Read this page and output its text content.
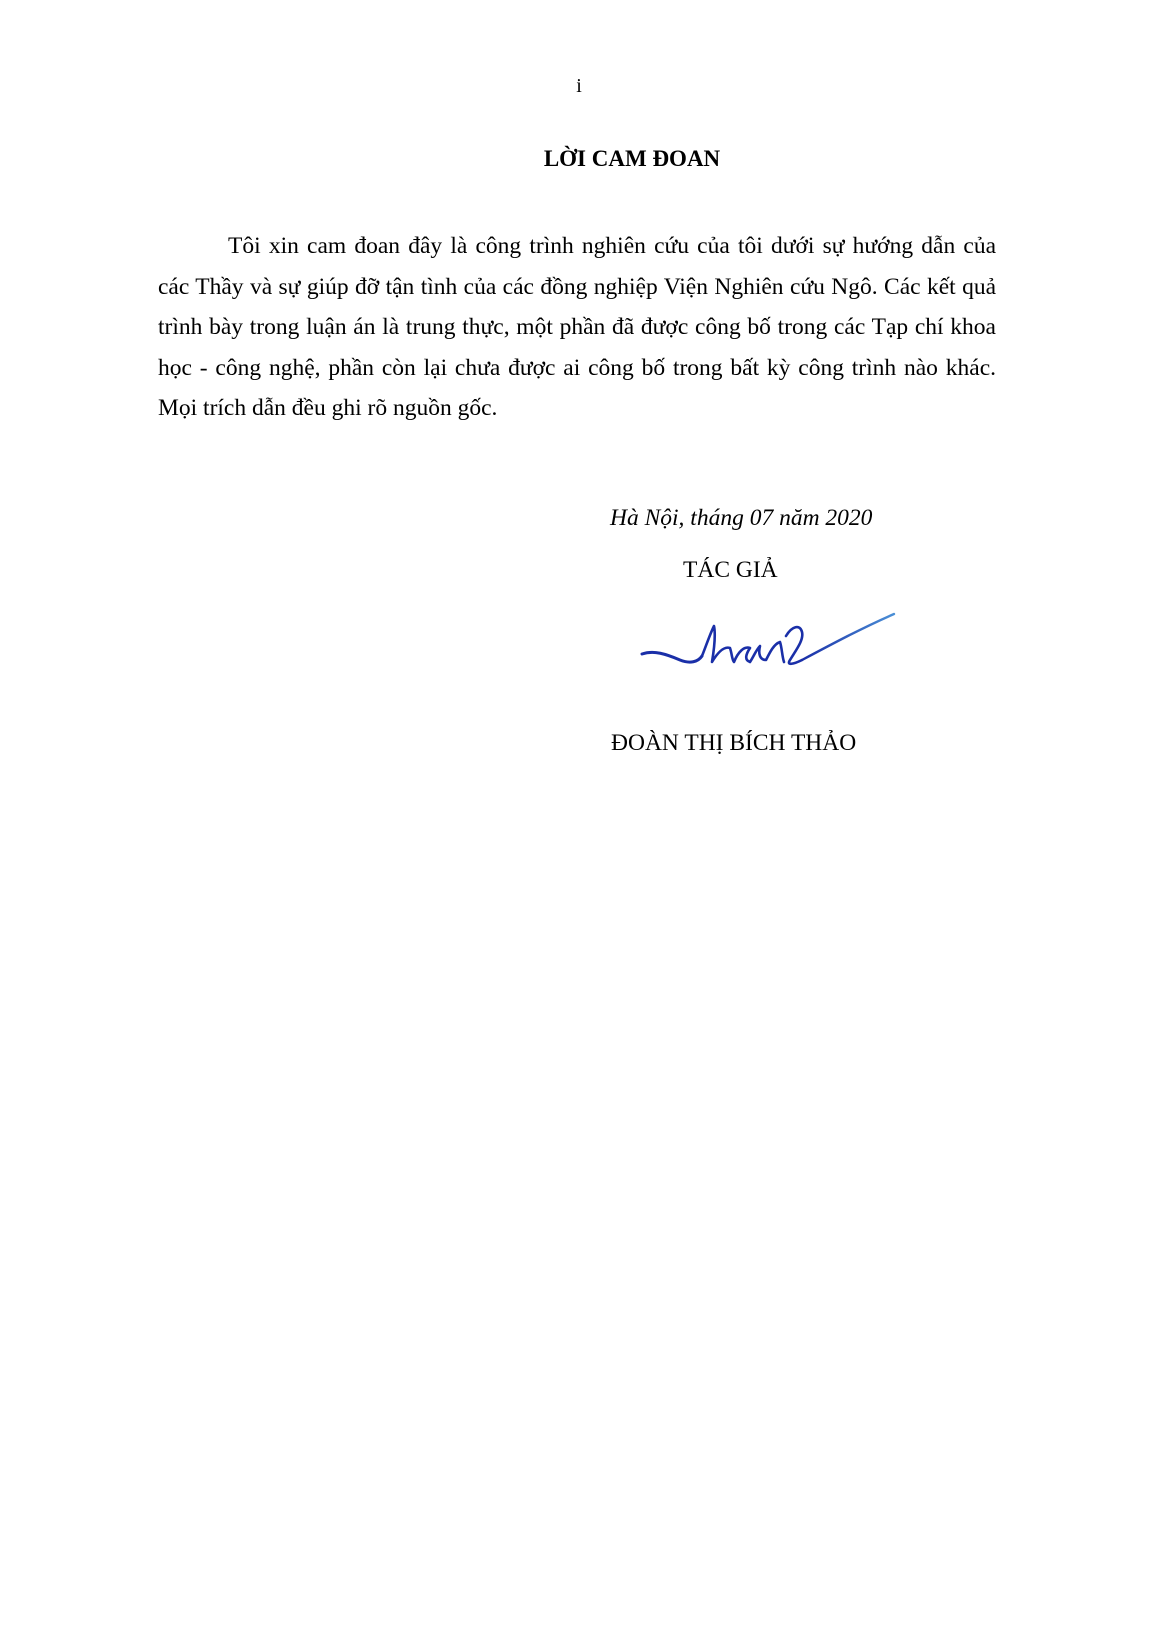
i
LỜI CAM ĐOAN

Tôi xin cam đoan đây là công trình nghiên cứu của tôi dưới sự hướng dẫn của các Thầy và sự giúp đỡ tận tình của các đồng nghiệp Viện Nghiên cứu Ngô. Các kết quả trình bày trong luận án là trung thực, một phần đã được công bố trong các Tạp chí khoa học - công nghệ, phần còn lại chưa được ai công bố trong bất kỳ công trình nào khác. Mọi trích dẫn đều ghi rõ nguồn gốc.

Hà Nội, tháng 07 năm 2020
TÁC GIẢ
ĐOÀN THỊ BÍCH THẢO
